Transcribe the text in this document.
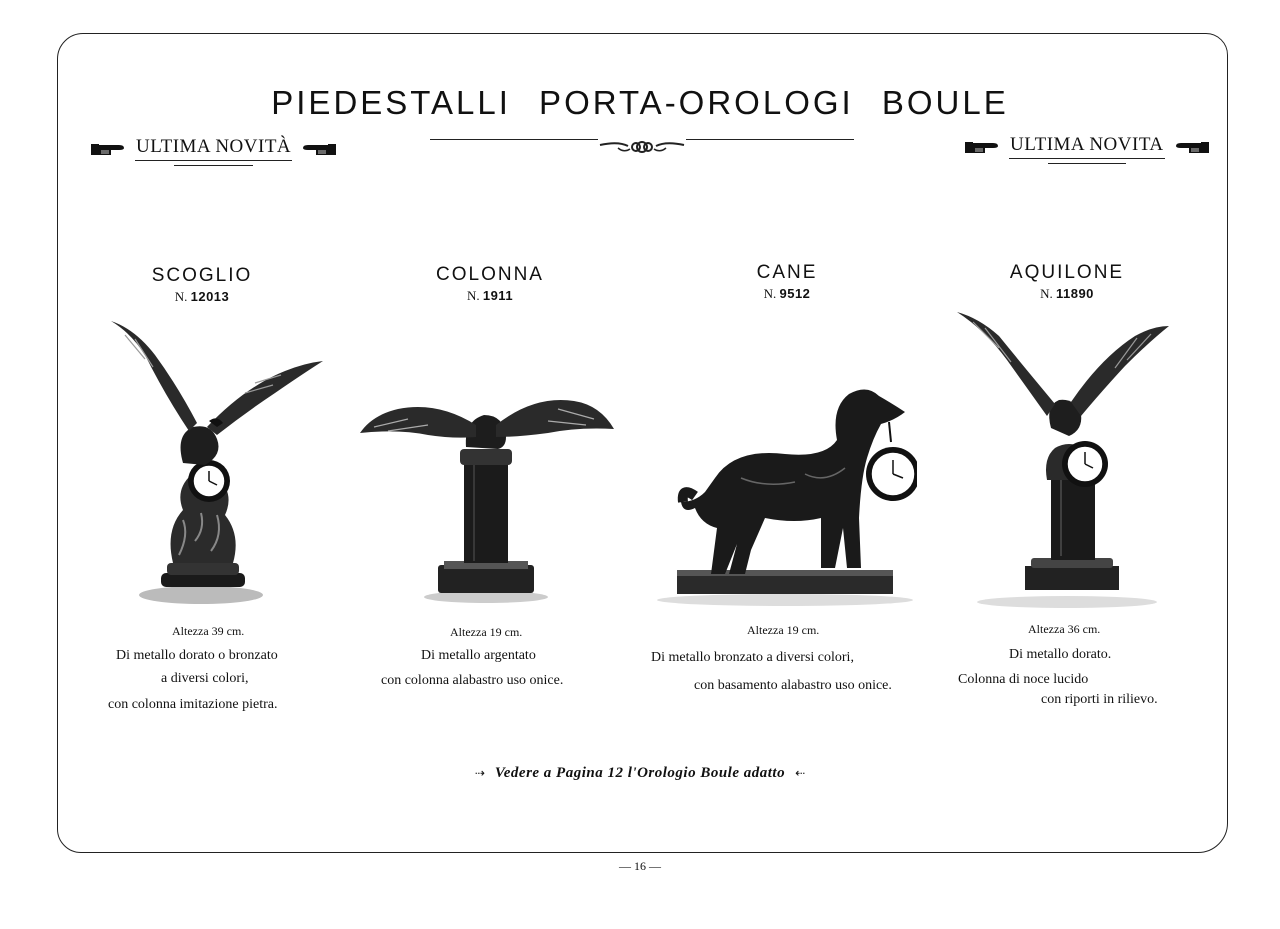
PIEDESTALLI PORTA-OROLOGI BOULE
ULTIMA NOVITÀ	ULTIMA NOVITA
SCOGLIO
N. 12013
Altezza 39 cm.
Di metallo dorato o bronzato
a diversi colori,
con colonna imitazione pietra.
COLONNA
N. 1911
Altezza 19 cm.
Di metallo argentato
con colonna alabastro uso onice.
CANE
N. 9512
Altezza 19 cm.
Di metallo bronzato a diversi colori,
con basamento alabastro uso onice.
AQUILONE
N. 11890
Altezza 36 cm.
Di metallo dorato.
Colonna di noce lucido
con riporti in rilievo.
⇢ Vedere a Pagina 12 l'Orologio Boule adatto ⇠
— 16 —
